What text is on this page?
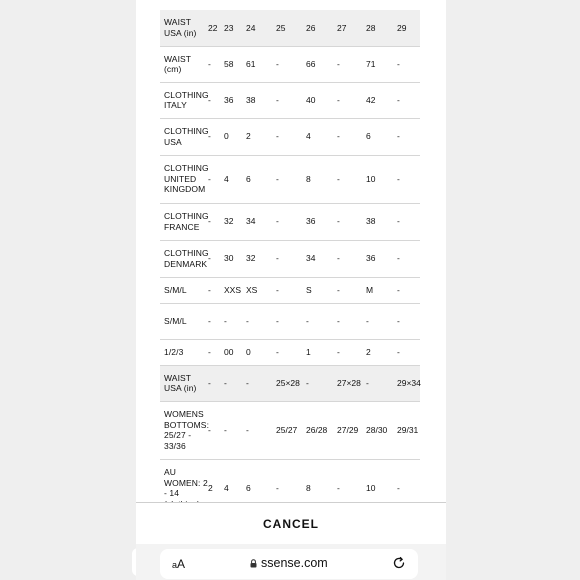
WAIST USA (in)	22	23	24	25	26	27	28	29
WAIST (cm)	-	58	61	-	66	-	71	-
CLOTHING ITALY	-	36	38	-	40	-	42	-
CLOTHING USA	-	0	2	-	4	-	6	-
CLOTHING UNITED KINGDOM	-	4	6	-	8	-	10	-
CLOTHING FRANCE	-	32	34	-	36	-	38	-
CLOTHING DENMARK	-	30	32	-	34	-	36	-
S/M/L	-	XXS	XS	-	S	-	M	-
S/M/L	-	-	-	-	-	-	-	-
1/2/3	-	00	0	-	1	-	2	-
WAIST USA (in)	-	-	-	25×28	-	27×28	-	29×34
WOMENS BOTTOMS: 25/27 - 33/36	-	-	-	25/27	26/28	27/29	28/30	29/31
AU WOMEN: 2 - 14	2	4	6	-	8	-	10	-
CANCEL
aA	ssense.com
